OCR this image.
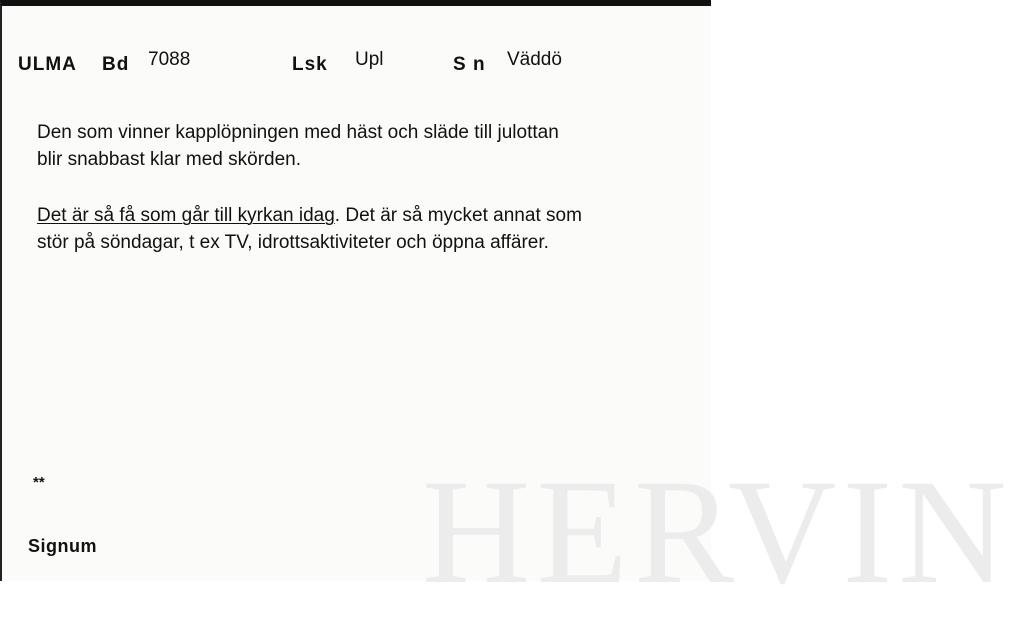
HERVIN
ULMA Bd 7088	Lsk Upl	S n Väddö
Den som vinner kapplöpningen med häst och släde till julottan
blir snabbast klar med skörden.
Det är så få som går till kyrkan idag. Det är så mycket annat som
stör på söndagar, t ex TV, idrottsaktiviteter och öppna affärer.
**
Signum
